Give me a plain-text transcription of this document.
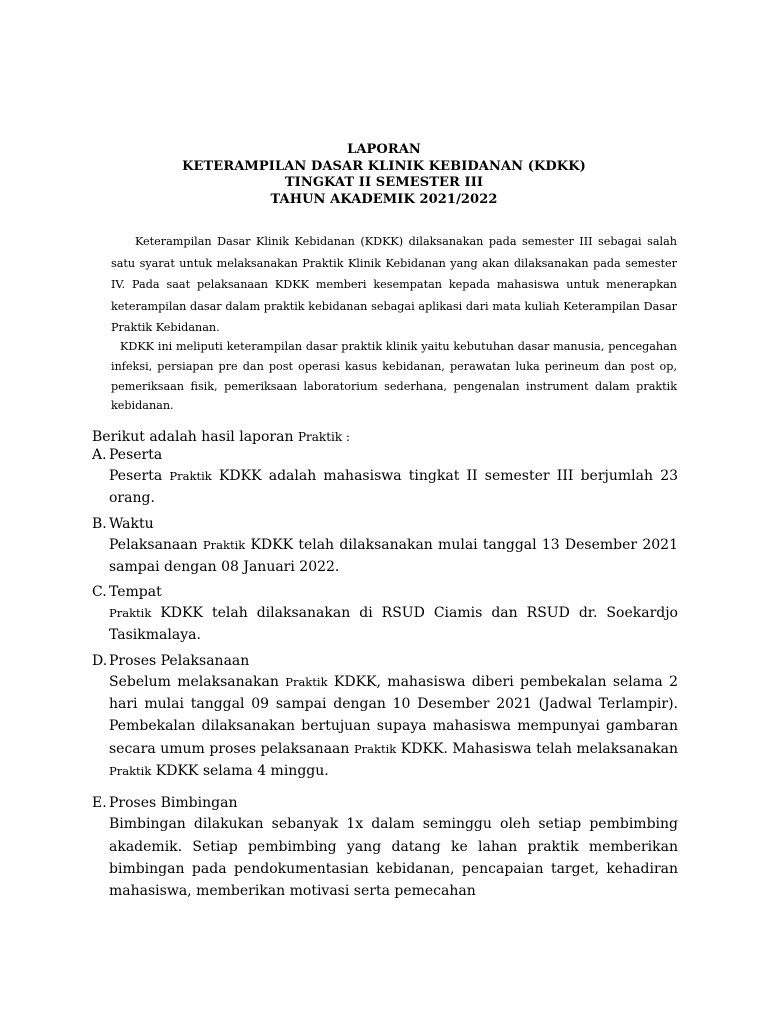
LAPORAN
KETERAMPILAN DASAR KLINIK KEBIDANAN (KDKK)
TINGKAT II SEMESTER III
TAHUN AKADEMIK 2021/2022
Keterampilan Dasar Klinik Kebidanan (KDKK) dilaksanakan pada semester III sebagai salah satu syarat untuk melaksanakan Praktik Klinik Kebidanan yang akan dilaksanakan pada semester IV. Pada saat pelaksanaan KDKK memberi kesempatan kepada mahasiswa untuk menerapkan keterampilan dasar dalam praktik kebidanan sebagai aplikasi dari mata kuliah Keterampilan Dasar Praktik Kebidanan.
KDKK ini meliputi keterampilan dasar praktik klinik yaitu kebutuhan dasar manusia, pencegahan infeksi, persiapan pre dan post operasi kasus kebidanan, perawatan luka perineum dan post op, pemeriksaan fisik, pemeriksaan laboratorium sederhana, pengenalan instrument dalam praktik kebidanan.
Berikut adalah hasil laporan Praktik :
A. Peserta
Peserta Praktik KDKK adalah mahasiswa tingkat II semester III berjumlah 23 orang.
B. Waktu
Pelaksanaan Praktik KDKK telah dilaksanakan mulai tanggal 13 Desember 2021 sampai dengan 08 Januari 2022.
C. Tempat
Praktik KDKK telah dilaksanakan di RSUD Ciamis dan RSUD dr. Soekardjo Tasikmalaya.
D. Proses Pelaksanaan
Sebelum melaksanakan Praktik KDKK, mahasiswa diberi pembekalan selama 2 hari mulai tanggal 09 sampai dengan 10 Desember 2021 (Jadwal Terlampir). Pembekalan dilaksanakan bertujuan supaya mahasiswa mempunyai gambaran secara umum proses pelaksanaan Praktik KDKK. Mahasiswa telah melaksanakan Praktik KDKK selama 4 minggu.
E. Proses Bimbingan
Bimbingan dilakukan sebanyak 1x dalam seminggu oleh setiap pembimbing akademik. Setiap pembimbing yang datang ke lahan praktik memberikan bimbingan pada pendokumentasian kebidanan, pencapaian target, kehadiran mahasiswa, memberikan motivasi serta pemecahan
